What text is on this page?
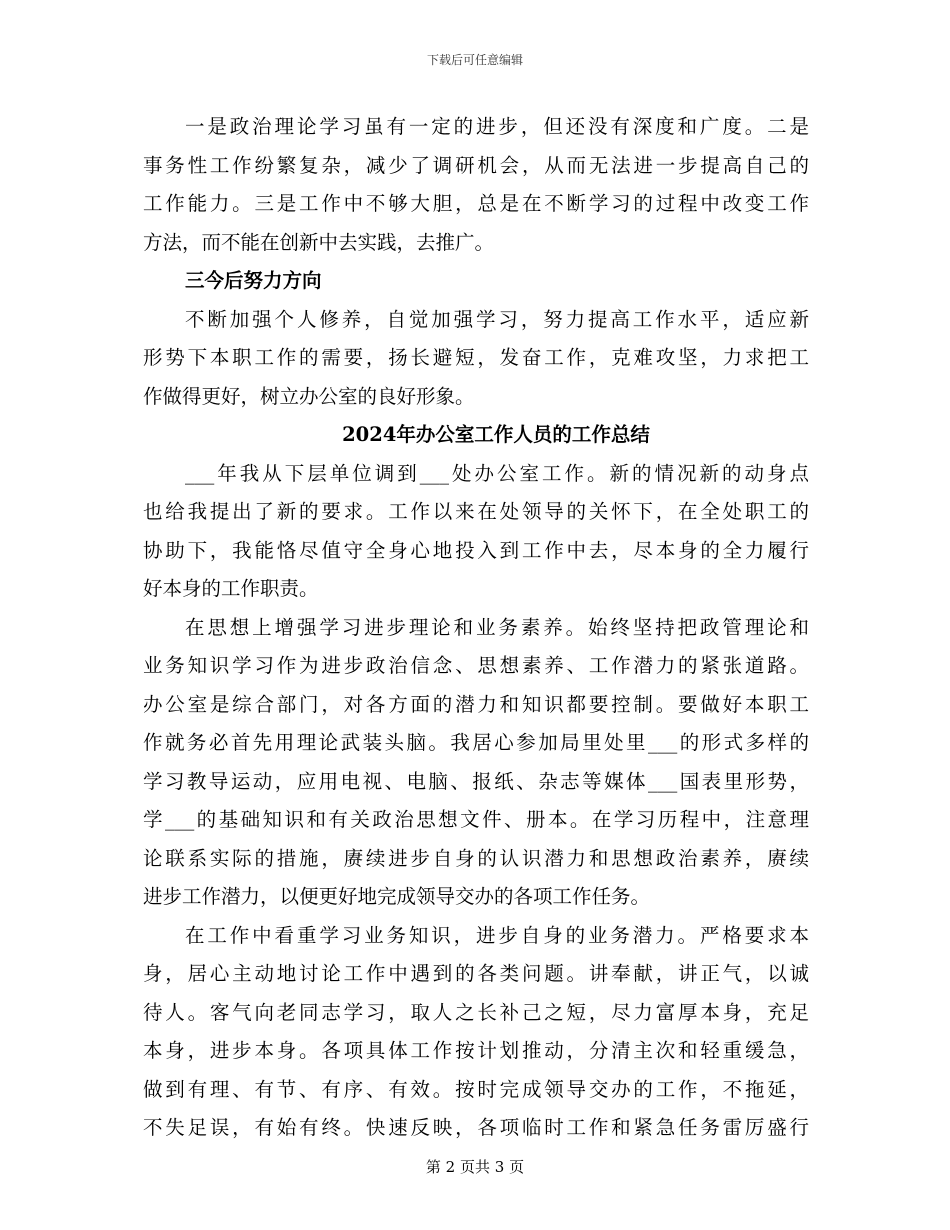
下载后可任意编辑
一是政治理论学习虽有一定的进步，但还没有深度和广度。二是
事务性工作纷繁复杂，减少了调研机会，从而无法进一步提高自己的
工作能力。三是工作中不够大胆，总是在不断学习的过程中改变工作
方法，而不能在创新中去实践，去推广。
三今后努力方向
不断加强个人修养，自觉加强学习，努力提高工作水平，适应新
形势下本职工作的需要，扬长避短，发奋工作，克难攻坚，力求把工
作做得更好，树立办公室的良好形象。
2024年办公室工作人员的工作总结
___年我从下层单位调到___处办公室工作。新的情况新的动身点
也给我提出了新的要求。工作以来在处领导的关怀下，在全处职工的
协助下，我能恪尽值守全身心地投入到工作中去，尽本身的全力履行
好本身的工作职责。
在思想上增强学习进步理论和业务素养。始终坚持把政管理论和
业务知识学习作为进步政治信念、思想素养、工作潜力的紧张道路。
办公室是综合部门，对各方面的潜力和知识都要控制。要做好本职工
作就务必首先用理论武装头脑。我居心参加局里处里___的形式多样的
学习教导运动，应用电视、电脑、报纸、杂志等媒体___国表里形势，
学___的基础知识和有关政治思想文件、册本。在学习历程中，注意理
论联系实际的措施，赓续进步自身的认识潜力和思想政治素养，赓续
进步工作潜力，以便更好地完成领导交办的各项工作任务。
在工作中看重学习业务知识，进步自身的业务潜力。严格要求本
身，居心主动地讨论工作中遇到的各类问题。讲奉献，讲正气，以诚
待人。客气向老同志学习，取人之长补己之短，尽力富厚本身，充足
本身，进步本身。各项具体工作按计划推动，分清主次和轻重缓急，
做到有理、有节、有序、有效。按时完成领导交办的工作，不拖延，
不失足误，有始有终。快速反映，各项临时工作和紧急任务雷厉盛行
第 2 页共 3 页
